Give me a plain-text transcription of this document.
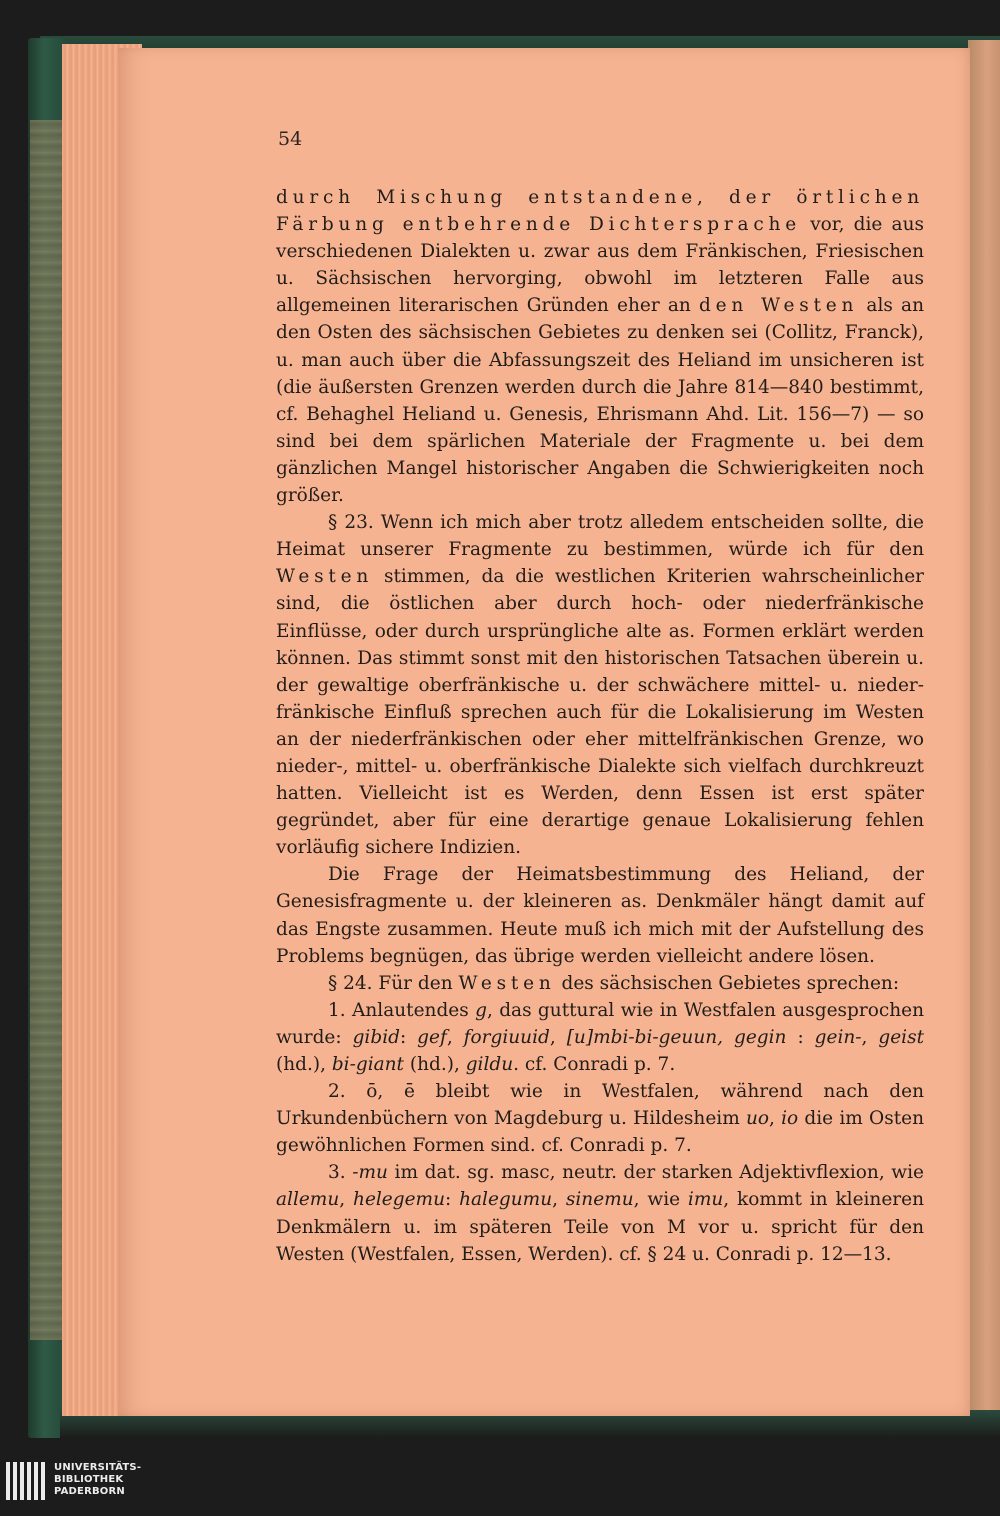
54

durch Mischung entstandene, der örtlichen Färbung entbehrende Dichtersprache vor, die aus verschiedenen Dialekten u. zwar aus dem Fränkischen, Friesischen u. Sächsischen hervorging, obwohl im letzteren Falle aus allgemeinen literarischen Gründen eher an den Westen als an den Osten des sächsischen Gebietes zu denken sei (Collitz, Franck), u. man auch über die Abfassungszeit des Heliand im unsicheren ist (die äußersten Grenzen werden durch die Jahre 814—840 bestimmt, cf. Behaghel Heliand u. Genesis, Ehrismann Ahd. Lit. 156—7) — so sind bei dem spärlichen Materiale der Fragmente u. bei dem gänzlichen Mangel historischer Angaben die Schwierigkeiten noch größer.

§ 23. Wenn ich mich aber trotz alledem entscheiden sollte, die Heimat unserer Fragmente zu bestimmen, würde ich für den Westen stimmen, da die westlichen Kriterien wahrscheinlicher sind, die östlichen aber durch hoch- oder niederfränkische Einflüsse, oder durch ursprüngliche alte as. Formen erklärt werden können. Das stimmt sonst mit den historischen Tatsachen überein u. der gewaltige oberfränkische u. der schwächere mittel- u. nieder-fränkische Einfluß sprechen auch für die Lokalisierung im Westen an der niederfränkischen oder eher mittelfränkischen Grenze, wo nieder-, mittel- u. oberfränkische Dialekte sich vielfach durchkreuzt hatten. Vielleicht ist es Werden, denn Essen ist erst später gegründet, aber für eine derartige genaue Lokalisierung fehlen vorläufig sichere Indizien.

Die Frage der Heimatsbestimmung des Heliand, der Genesisfragmente u. der kleineren as. Denkmäler hängt damit auf das Engste zusammen. Heute muß ich mich mit der Aufstellung des Problems begnügen, das übrige werden vielleicht andere lösen.

§ 24. Für den Westen des sächsischen Gebietes sprechen:

1. Anlautendes g, das guttural wie in Westfalen ausgesprochen wurde: gibid: gef, forgiuuid, [u]mbi-bi-geuun, gegin : gein-, geist (hd.), bi-giant (hd.), gildu. cf. Conradi p. 7.

2. ō, ē bleibt wie in Westfalen, während nach den Urkundenbüchern von Magdeburg u. Hildesheim uo, io die im Osten gewöhnlichen Formen sind. cf. Conradi p. 7.

3. -mu im dat. sg. masc, neutr. der starken Adjektivflexion, wie allemu, helegemu: halegumu, sinemu, wie imu, kommt in kleineren Denkmälern u. im späteren Teile von M vor u. spricht für den Westen (Westfalen, Essen, Werden). cf. § 24 u. Conradi p. 12—13.

UNIVERSITÄTS-
BIBLIOTHEK
PADERBORN
